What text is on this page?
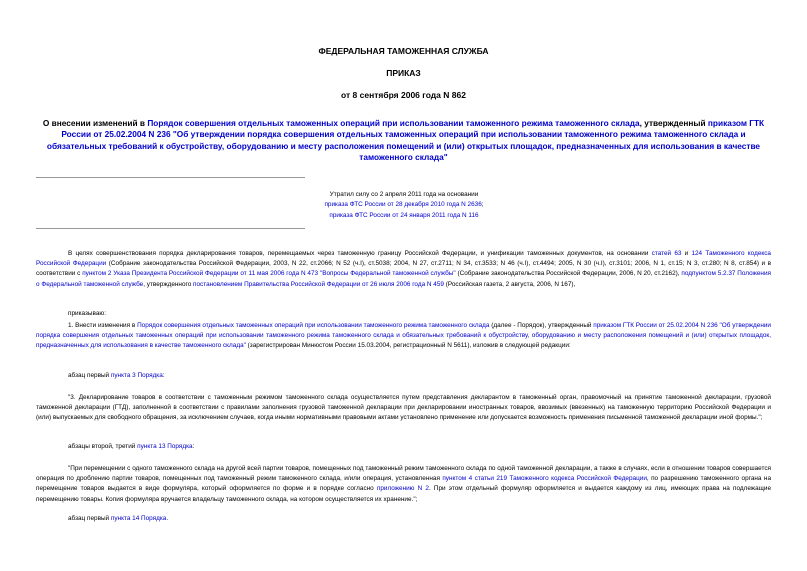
ФЕДЕРАЛЬНАЯ ТАМОЖЕННАЯ СЛУЖБА
ПРИКАЗ
от 8 сентября 2006 года N 862
О внесении изменений в Порядок совершения отдельных таможенных операций при использовании таможенного режима таможенного склада, утвержденный приказом ГТК России от 25.02.2004 N 236 "Об утверждении порядка совершения отдельных таможенных операций при использовании таможенного режима таможенного склада и обязательных требований к обустройству, оборудованию и месту расположения помещений и (или) открытых площадок, предназначенных для использования в качестве таможенного склада"
Утратил силу со 2 апреля 2011 года на основании
приказа ФТС России от 28 декабря 2010 года N 2636;
приказа ФТС России от 24 января 2011 года N 116
В целях совершенствования порядка декларирования товаров, перемещаемых через таможенную границу Российской Федерации, и унификации таможенных документов, на основании статей 63 и 124 Таможенного кодекса Российской Федерации (Собрание законодательства Российской Федерации, 2003, N 22, ст.2066; N 52 (ч.I), ст.5038; 2004, N 27, ст.2711; N 34, ст.3533; N 46 (ч.I), ст.4494; 2005, N 30 (ч.I), ст.3101; 2006, N 1, ст.15; N 3, ст.280; N 8, ст.854) и в соответствии с пунктом 2 Указа Президента Российской Федерации от 11 мая 2006 года N 473 "Вопросы Федеральной таможенной службы" (Собрание законодательства Российской Федерации, 2006, N 20, ст.2162), подпунктом 5.2.37 Положения о Федеральной таможенной службе, утвержденного постановлением Правительства Российской Федерации от 26 июля 2006 года N 459 (Российская газета, 2 августа, 2006, N 167),
приказываю:
1. Внести изменения в Порядок совершения отдельных таможенных операций при использовании таможенного режима таможенного склада (далее - Порядок), утвержденный приказом ГТК России от 25.02.2004 N 236 "Об утверждении порядка совершения отдельных таможенных операций при использовании таможенного режима таможенного склада и обязательных требований к обустройству, оборудованию и месту расположения помещений и (или) открытых площадок, предназначенных для использования в качестве таможенного склада" (зарегистрирован Минюстом России 15.03.2004, регистрационный N 5611), изложив в следующей редакции:
абзац первый пункта 3 Порядка:
"3. Декларирование товаров в соответствии с таможенным режимом таможенного склада осуществляется путем представления декларантом в таможенный орган, правомочный на принятие таможенной декларации, грузовой таможенной декларации (ГТД), заполненной в соответствии с правилами заполнения грузовой таможенной декларации при декларировании иностранных товаров, ввозимых (ввезенных) на таможенную территорию Российской Федерации и (или) выпускаемых для свободного обращения, за исключением случаев, когда иными нормативными правовыми актами установлено применение или допускается возможность применения письменной таможенной декларации иной формы.";
абзацы второй, третий пункта 13 Порядка:
"При перемещении с одного таможенного склада на другой всей партии товаров, помещенных под таможенный режим таможенного склада по одной таможенной декларации, а также в случаях, если в отношении товаров совершается операция по дроблению партии товаров, помещенных под таможенный режим таможенного склада, и/или операция, установленная пунктом 4 статьи 219 Таможенного кодекса Российской Федерации, по разрешению таможенного органа на перемещение товаров выдается в виде формуляра, который оформляется по форме и в порядке согласно приложению N 2. При этом отдельный формуляр оформляется и выдается каждому из лиц, имеющих права на подлежащие перемещению товары. Копия формуляра вручается владельцу таможенного склада, на котором осуществляется их хранение.";
абзац первый пункта 14 Порядка.
